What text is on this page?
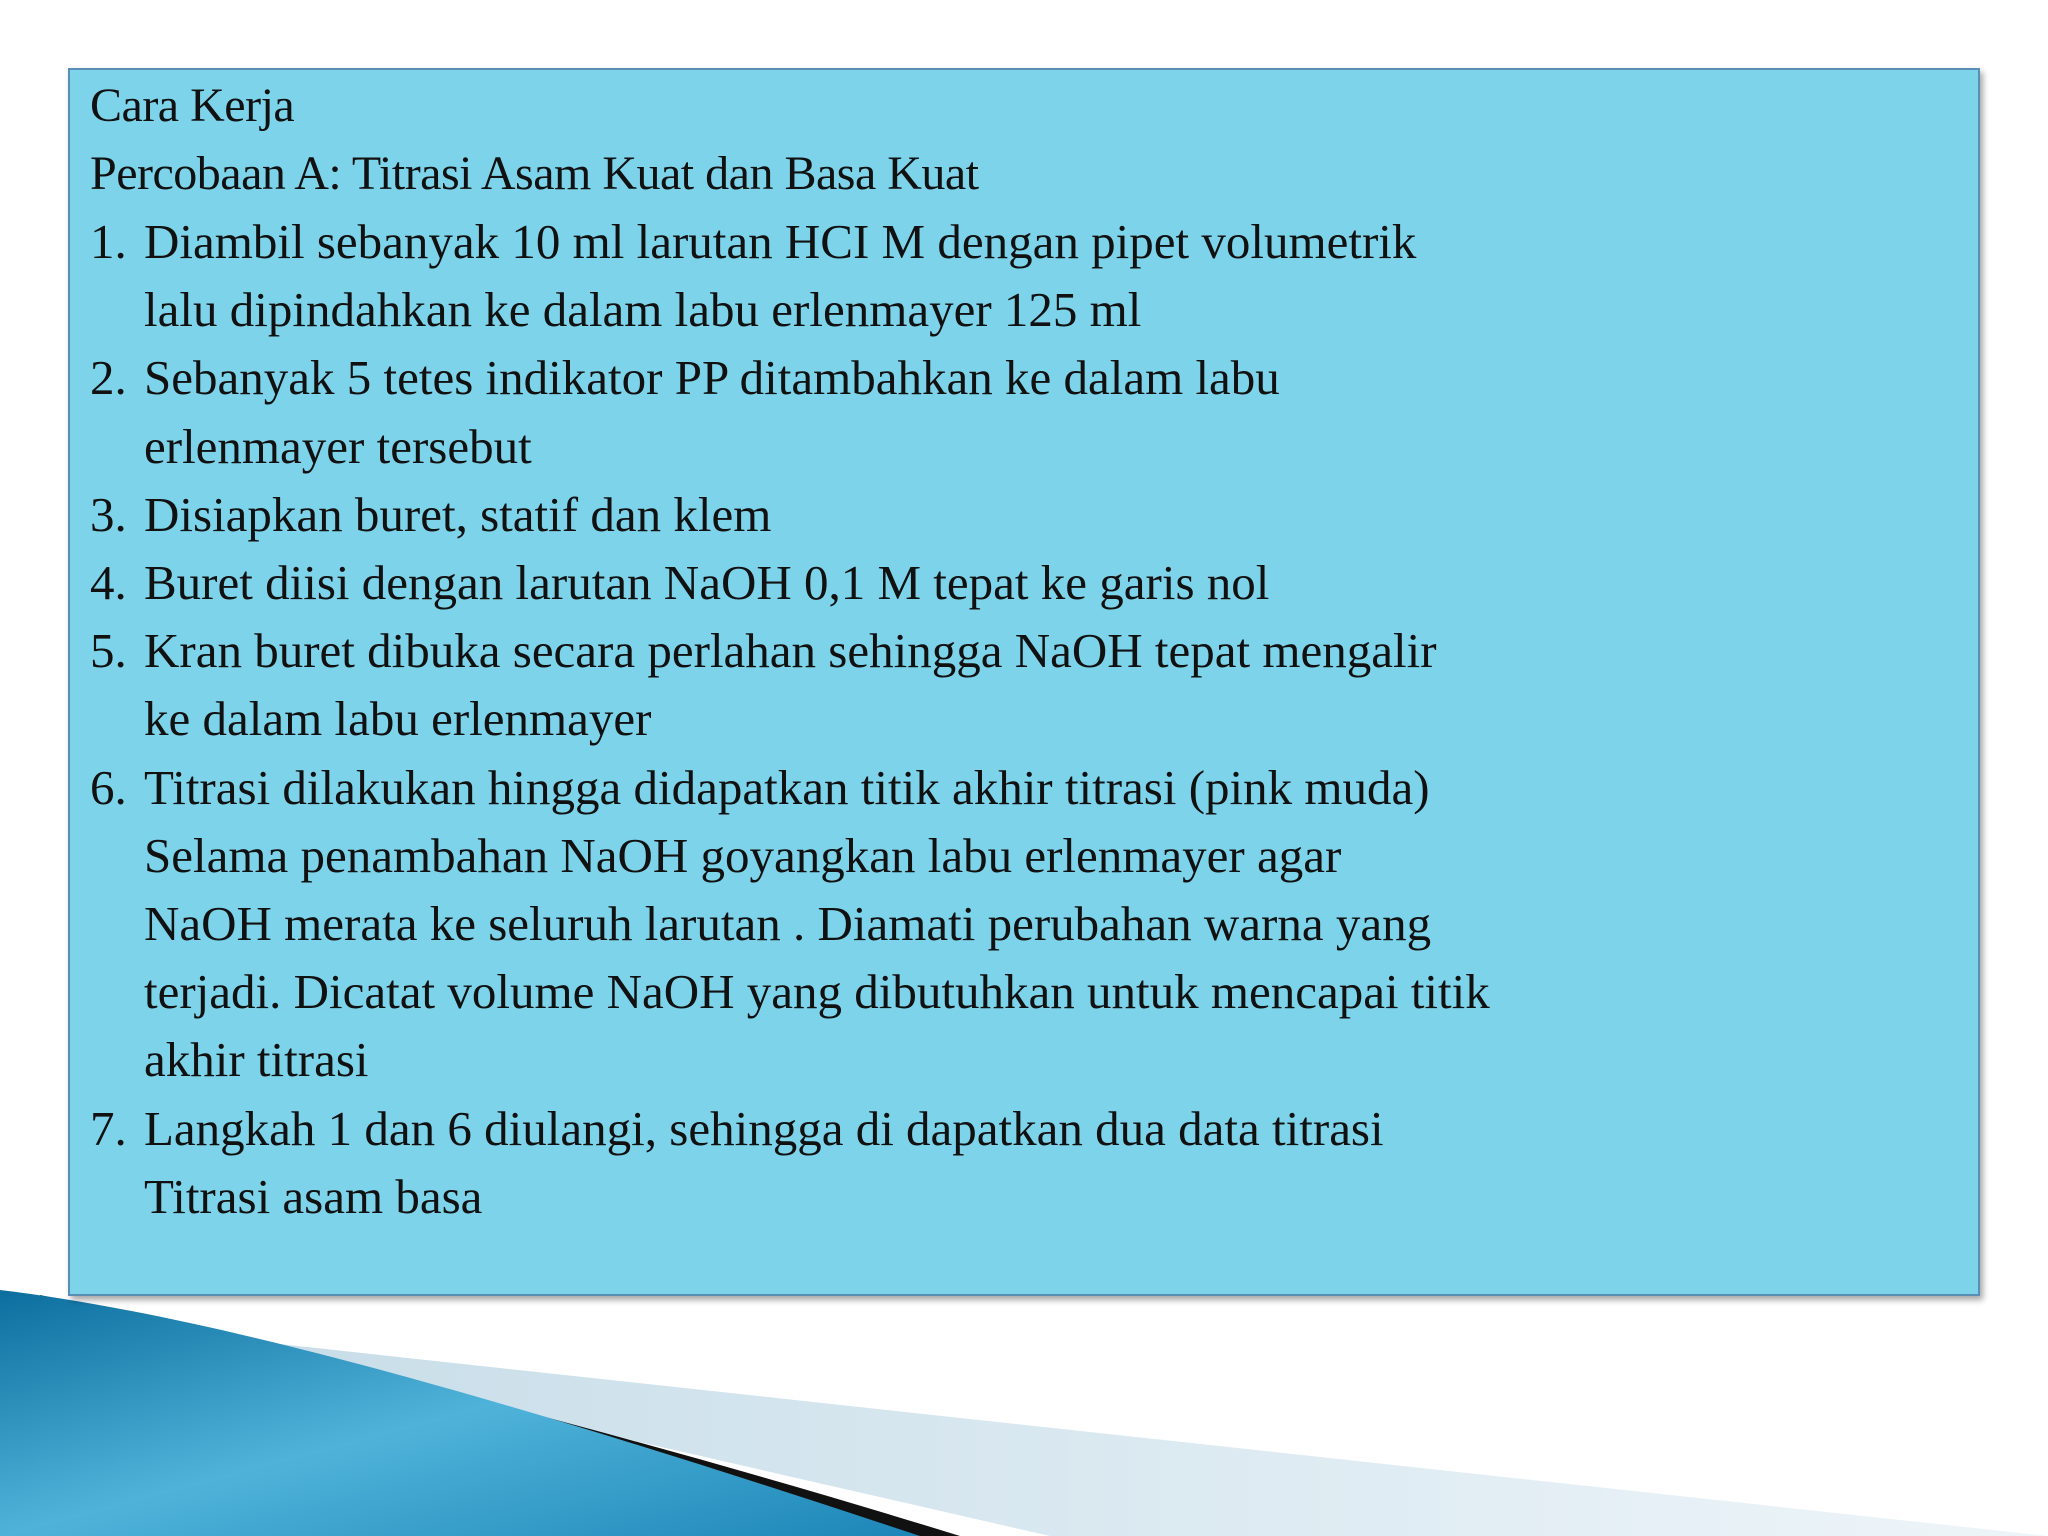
Cara Kerja

Percobaan A: Titrasi Asam Kuat dan Basa Kuat

1. Diambil sebanyak 10 ml larutan HCI M dengan pipet volumetrik
lalu dipindahkan ke dalam labu erlenmayer 125 ml
2. Sebanyak 5 tetes indikator PP ditambahkan ke dalam labu
erlenmayer tersebut
3. Disiapkan buret, statif dan klem
4. Buret diisi dengan larutan NaOH 0,1 M tepat ke garis nol
5. Kran buret dibuka secara perlahan sehingga NaOH tepat mengalir
ke dalam labu erlenmayer
6. Titrasi dilakukan hingga didapatkan titik akhir titrasi (pink muda)
Selama penambahan NaOH goyangkan labu erlenmayer agar
NaOH merata ke seluruh larutan . Diamati perubahan warna yang
terjadi. Dicatat volume NaOH yang dibutuhkan untuk mencapai titik
akhir titrasi
7. Langkah 1 dan 6 diulangi, sehingga di dapatkan dua data titrasi
Titrasi asam basa
